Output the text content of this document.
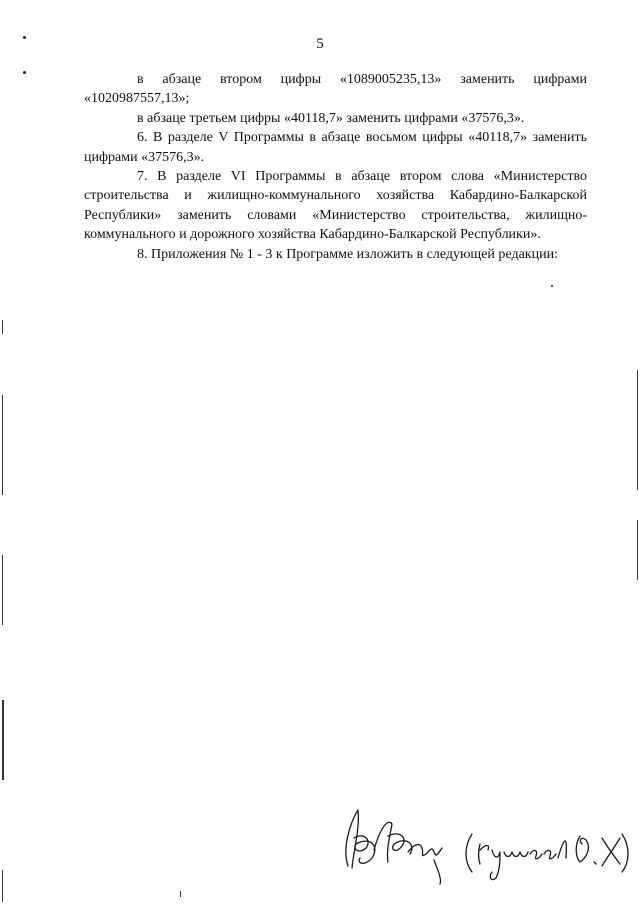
5

в абзаце втором цифры «1089005235,13» заменить цифрами «1020987557,13»;

в абзаце третьем цифры «40118,7» заменить цифрами «37576,3».

6. В разделе V Программы в абзаце восьмом цифры «40118,7» заменить цифрами «37576,3».

7. В разделе VI Программы в абзаце втором слова «Министерство строительства и жилищно-коммунального хозяйства Кабардино-Балкарской Республики» заменить словами «Министерство строительства, жилищно-коммунального и дорожного хозяйства Кабардино-Балкарской Республики».

8. Приложения № 1 - 3 к Программе изложить в следующей редакции:
